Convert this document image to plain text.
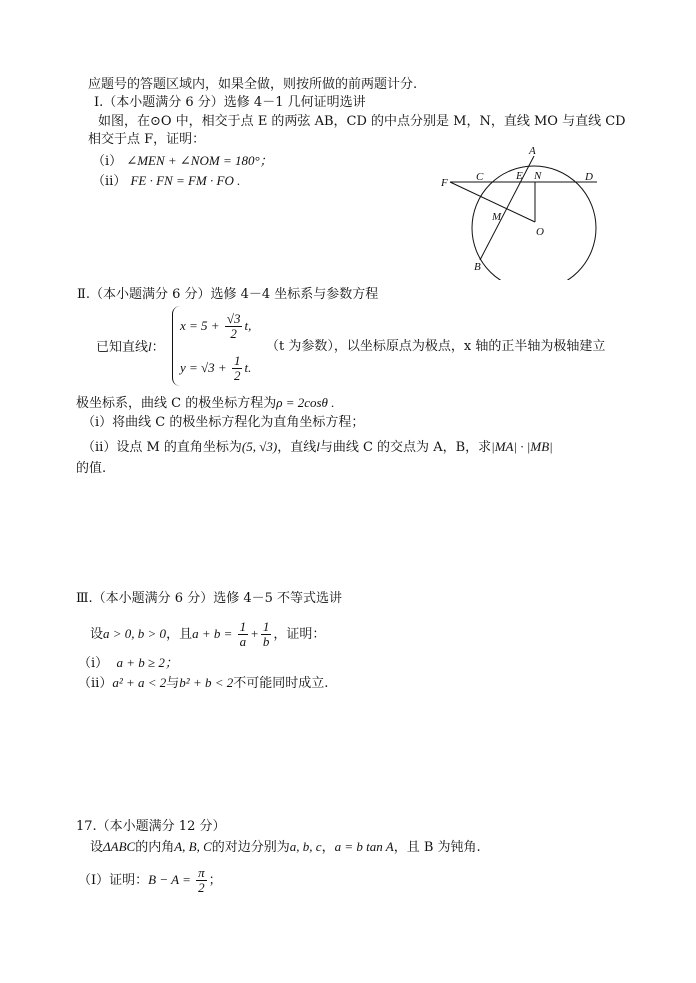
应题号的答题区域内，如果全做，则按所做的前两题计分.
Ⅰ.（本小题满分 6 分）选修 4－1 几何证明选讲
如图，在⊙O 中，相交于点 E 的两弦 AB，CD 的中点分别是 M，N，直线 MO 与直线 CD
相交于点 F，证明：
（ⅰ） ∠MEN + ∠NOM = 180°；
（ⅱ） FE · FN = FM · FO .
A
C	E N	D
F
M
O
B
Ⅱ.（本小题满分 6 分）选修 4－4 坐标系与参数方程
已知直线l：
$x = 5 + \frac{√3}{2} t$,
$y = √3 + \frac{1}{2} t$.
（t 为参数），以坐标原点为极点，x 轴的正半轴为极轴建立
极坐标系，曲线 C 的极坐标方程为ρ = 2cosθ .
（ⅰ）将曲线 C 的极坐标方程化为直角坐标方程；
（ⅱ）设点 M 的直角坐标为(5, √3)，直线l与曲线 C 的交点为 A，B，求|MA| · |MB|
的值.
Ⅲ.（本小题满分 6 分）选修 4－5 不等式选讲
设a > 0, b > 0，且$a + b = \frac{1}{a} + \frac{1}{b}$ ，证明：
（ⅰ） a + b ≥ 2；
（ⅱ）a² + a < 2与b² + b < 2不可能同时成立.
17.（本小题满分 12 分）
设ΔABC的内角A, B, C的对边分别为a, b, c，a = b tan A，且 B 为钝角.
（Ⅰ）证明：$B - A = \frac{\pi}{2}$ ；
